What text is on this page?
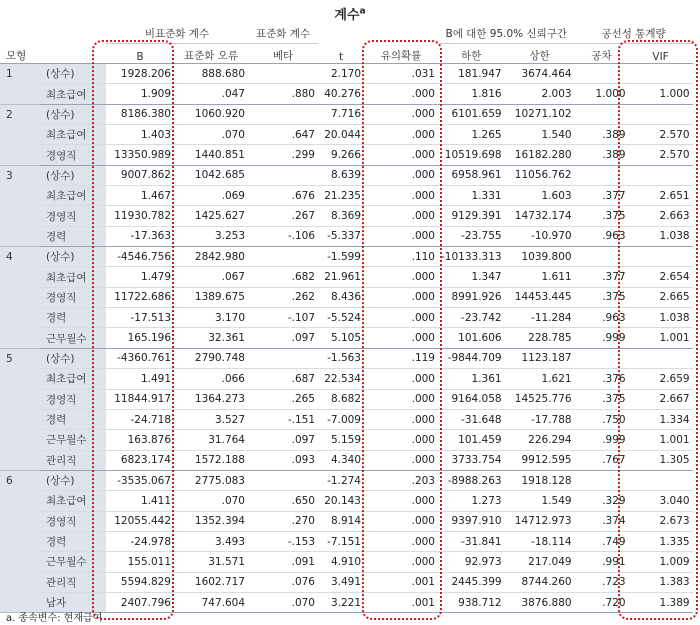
계수$^a$
		비표준화 계수		표준화 계수			B에 대한 95.0% 신뢰구간		공선성 통계량	
모형		B	표준화 오류	베타	t	유의확률	하한	상한	공차	VIF
1	(상수)	1928.206	888.680		2.170	.031	181.947	3674.464		
	최초급여	1.909	.047	.880	40.276	.000	1.816	2.003	1.000	1.000
2	(상수)	8186.380	1060.920		7.716	.000	6101.659	10271.102		
	최초급여	1.403	.070	.647	20.044	.000	1.265	1.540	.389	2.570
	경영직	13350.989	1440.851	.299	9.266	.000	10519.698	16182.280	.389	2.570
3	(상수)	9007.862	1042.685		8.639	.000	6958.961	11056.762		
	최초급여	1.467	.069	.676	21.235	.000	1.331	1.603	.377	2.651
	경영직	11930.782	1425.627	.267	8.369	.000	9129.391	14732.174	.375	2.663
	경력	-17.363	3.253	-.106	-5.337	.000	-23.755	-10.970	.963	1.038
4	(상수)	-4546.756	2842.980		-1.599	.110	-10133.313	1039.800		
	최초급여	1.479	.067	.682	21.961	.000	1.347	1.611	.377	2.654
	경영직	11722.686	1389.675	.262	8.436	.000	8991.926	14453.445	.375	2.665
	경력	-17.513	3.170	-.107	-5.524	.000	-23.742	-11.284	.963	1.038
	근무월수	165.196	32.361	.097	5.105	.000	101.606	228.785	.999	1.001
5	(상수)	-4360.761	2790.748		-1.563	.119	-9844.709	1123.187		
	최초급여	1.491	.066	.687	22.534	.000	1.361	1.621	.376	2.659
	경영직	11844.917	1364.273	.265	8.682	.000	9164.058	14525.776	.375	2.667
	경력	-24.718	3.527	-.151	-7.009	.000	-31.648	-17.788	.750	1.334
	근무월수	163.876	31.764	.097	5.159	.000	101.459	226.294	.999	1.001
	관리직	6823.174	1572.188	.093	4.340	.000	3733.754	9912.595	.767	1.305
6	(상수)	-3535.067	2775.083		-1.274	.203	-8988.263	1918.128		
	최초급여	1.411	.070	.650	20.143	.000	1.273	1.549	.329	3.040
	경영직	12055.442	1352.394	.270	8.914	.000	9397.910	14712.973	.374	2.673
	경력	-24.978	3.493	-.153	-7.151	.000	-31.841	-18.114	.749	1.335
	근무월수	155.011	31.571	.091	4.910	.000	92.973	217.049	.991	1.009
	관리직	5594.829	1602.717	.076	3.491	.001	2445.399	8744.260	.723	1.383
	남자	2407.796	747.604	.070	3.221	.001	938.712	3876.880	.720	1.389
a. 종속변수: 현재급여
